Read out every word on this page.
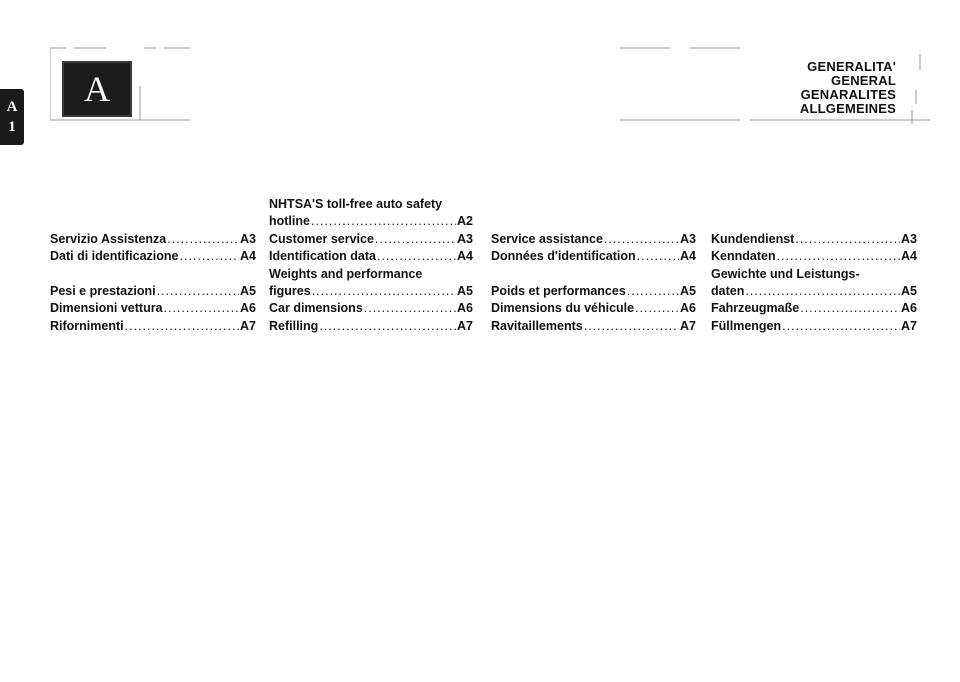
A
1
A
GENERALITA'
GENERAL
GENARALITES
ALLGEMEINES
Servizio Assistenza .....	A3
Dati di identificazione .....	A4
Pesi e prestazioni .....	A5
Dimensioni vettura .....	A6
Rifornimenti .....	A7
NHTSA'S toll-free auto safety
hotline .....	A2
Customer service .....	A3
Identification data .....	A4
Weights and performance
figures .....	A5
Car dimensions .....	A6
Refilling .....	A7
Service assistance .....	A3
Données d'identification .....	A4
Poids et performances .....	A5
Dimensions du véhicule .....	A6
Ravitaillements .....	A7
Kundendienst .....	A3
Kenndaten .....	A4
Gewichte und Leistungs-
daten .....	A5
Fahrzeugmaße .....	A6
Füllmengen .....	A7
